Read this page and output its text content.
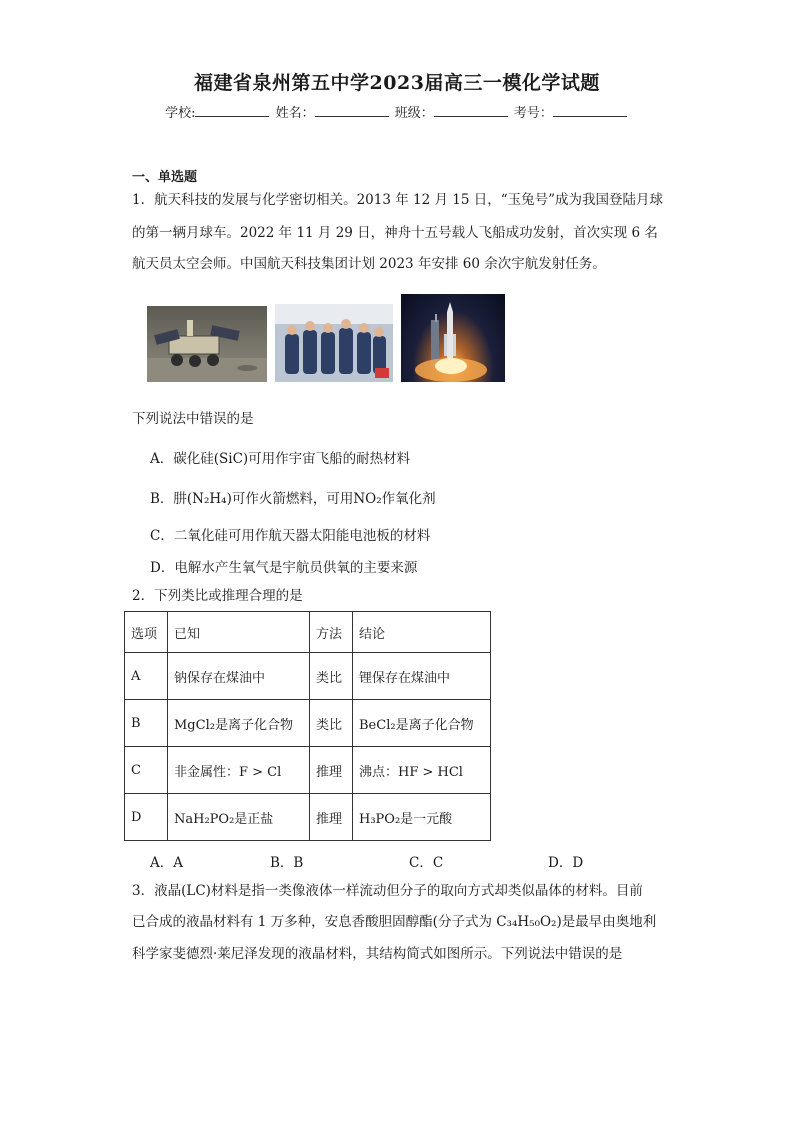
福建省泉州第五中学2023届高三一模化学试题
学校:	姓名：	班级：	考号：
一、单选题
1．航天科技的发展与化学密切相关。2013 年 12 月 15 日，“玉兔号”成为我国登陆月球
的第一辆月球车。2022 年 11 月 29 日，神舟十五号载人飞船成功发射，首次实现 6 名
航天员太空会师。中国航天科技集团计划 2023 年安排 60 余次宇航发射任务。
下列说法中错误的是
A．碳化硅(SiC)可用作宇宙飞船的耐热材料
B．肼(N₂H₄)可作火箭燃料，可用NO₂作氧化剂
C．二氧化硅可用作航天器太阳能电池板的材料
D．电解水产生氧气是宇航员供氧的主要来源
2．下列类比或推理合理的是
选项	已知	方法	结论
A	钠保存在煤油中	类比	锂保存在煤油中
B	MgCl₂是离子化合物	类比	BeCl₂是离子化合物
C	非金属性：F > Cl	推理	沸点：HF > HCl
D	NaH₂PO₂是正盐	推理	H₃PO₂是一元酸
A．A	B．B	C．C	D．D
3．液晶(LC)材料是指一类像液体一样流动但分子的取向方式却类似晶体的材料。目前
已合成的液晶材料有 1 万多种，安息香酸胆固醇酯(分子式为 C₃₄H₅₀O₂)是最早由奥地利
科学家斐德烈·莱尼泽发现的液晶材料，其结构简式如图所示。下列说法中错误的是
